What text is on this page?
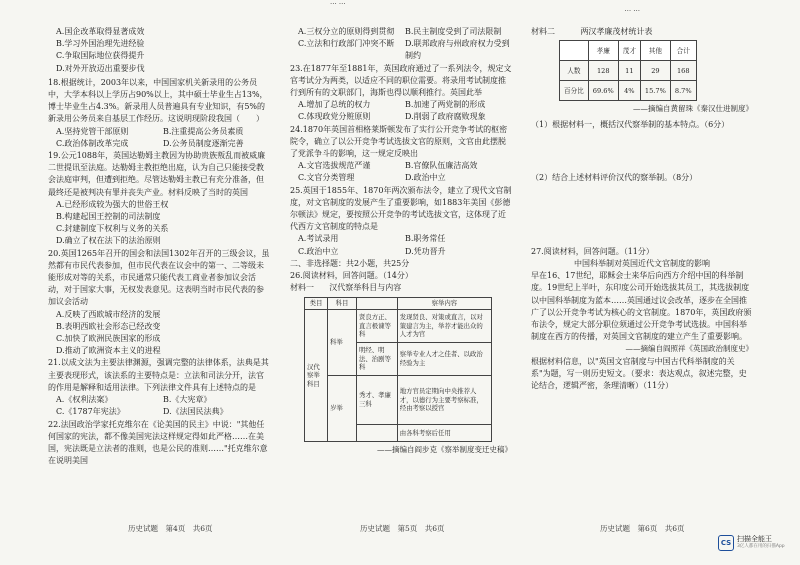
··· ···
··· ···

A.国企改革取得显著成效

B.学习外国治理先进经验

C.争取国际地位获得提升

D.对外开放迈出重要步伐

18.根据统计，2003年以来，中国国家机关新录用的公务员中，大学本科以上学历占90%以上，其中硕士毕业生占13%，博士毕业生占4.3%。新录用人员普遍具有专业知识，有5%的新录用公务员来自基层工作经历。这说明现阶段我国（　　）

A.坚持党管干部原则	B.注重提高公务员素质

C.政治体制改革完成	D.公务员制度逐渐完善

19.公元1088年，英国达勒姆主教因为协助贵族叛乱而被威廉二世提讯至法庭。达勒姆主教拒绝出庭，认为自己只能接受教会法庭审判，但遭到拒绝。尽管达勒姆主教已有充分准备，但最终还是被判决有罪并丧失产业。材料反映了当时的英国

A.已经形成较为强大的世俗王权

B.构建起国王控制的司法制度

C.封建制度下权利与义务的关系

D.确立了权在法下的法治原则

20.英国1265年召开的国会和法国1302年召开的三级会议，虽然都有市民代表参加，但市民代表在议会中的第一、二等级未能形成对等的关系，市民通常只能代表工商业者参加议会活动，对于国家大事，无权发表意见。这表明当时市民代表的参加议会活动

A.反映了西欧城市经济的发展

B.表明西欧社会形态已经改变

C.加快了欧洲民族国家的形成

D.推动了欧洲资本主义的进程

21.以成文法为主要法律渊源，强调完整的法律体系，法典是其主要表现形式，该法系的主要特点是：立法和司法分开，法官的作用是解释和适用法律。下列法律文件具有上述特点的是

A.《权利法案》	B.《大宪章》

C.《1787年宪法》	D.《法国民法典》

22.法国政治学家托克维尔在《论美国的民主》中说："其他任何国家的宪法，都不像美国宪法这样规定得如此严格……在美国，宪法既是立法者的准则，也是公民的准则……"托克维尔意在说明美国

历史试题　第4页　共6页

A.三权分立的原则得到贯彻	B.民主制度受到了司法限制

C.立法和行政部门冲突不断	D.联邦政府与州政府权力受到制约

23.在1877年至1881年，英国政府通过了一系列法令，规定文官考试分为两类，以适应不同的职位需要。将录用考试制度推行到所有的文职部门，海斯也得以顺利推行。英国此举

A.增加了总统的权力	B.加速了两党制的形成

C.体现政党分赃原则	D.削弱了政府腐败现象

24.1870年英国首相格莱斯顿发布了实行公开竞争考试的枢密院令，确立了以公开竞争考试选拔文官的原则，文官由此摆脱了党派争斗的影响，这一规定反映出

A.文官选拔规范严谨	B.官僚队伍廉洁高效

C.文官分类管理	D.政治中立

25.英国于1855年、1870年两次颁布法令，建立了现代文官制度，对文官制度的发展产生了重要影响，如1883年美国《彭德尔顿法》规定，要按照公开竞争的考试选拔文官，这体现了近代西方文官制度的特点是

A.考试录用	B.职务常任

C.政治中立	D.凭功晋升

二、非选择题：共2小题，共25分

26.阅读材料，回答问题。（14分）

材料一 汉代察举科目与内容

类目	科目		察举内容
汉代察举科目	科举	贤良方正、直言极谏等科	发现贤良、对策或直言，以对策建言为主，举荐才能出众的人才为官
		明经、明法、治剧等科	察举专业人才之佳者、以政治经验为主
	岁举	秀才、孝廉三科	地方官员定期向中央推荐人才，以德行为主要考察标准，经由考察以授官
			由各科考察后任用

——摘编自阎步克《察举制度变迁史稿》

历史试题　第5页　共6页

材料二	两汉孝廉茂材统计表

	孝廉	茂才	其他	合计
人数	128	11	29	168
百分比	69.6%	4%	15.7%	8.7%

——摘编自黄留珠《秦汉仕进制度》

（1）根据材料一，概括汉代察举制的基本特点。（6分）

（2）结合上述材料评价汉代的察举制。（8分）

27.阅读材料，回答问题。（11分）

中国科举制对英国近代文官制度的影响

早在16、17世纪，耶稣会士来华后向西方介绍中国的科举制度。19世纪上半叶，东印度公司开始选拔其员工，其选拔制度以中国科举制度为蓝本……英国通过议会改革，逐步在全国推广了以公开竞争考试为核心的文官制度。1870年，英国政府颁布法令，规定大部分职位须通过公开竞争考试选拔。中国科举制度在西方的传播，对英国文官制度的建立产生了重要影响。

——摘编自阎照祥《英国政治制度史》

根据材料信息，以"英国文官制度与中国古代科举制度的关系"为题，写一则历史短文。（要求：表达观点，叙述完整，史论结合，逻辑严密，条理清晰）（11分）

历史试题　第6页　共6页
CS 扫描全能王
3亿人都在用的扫描App
